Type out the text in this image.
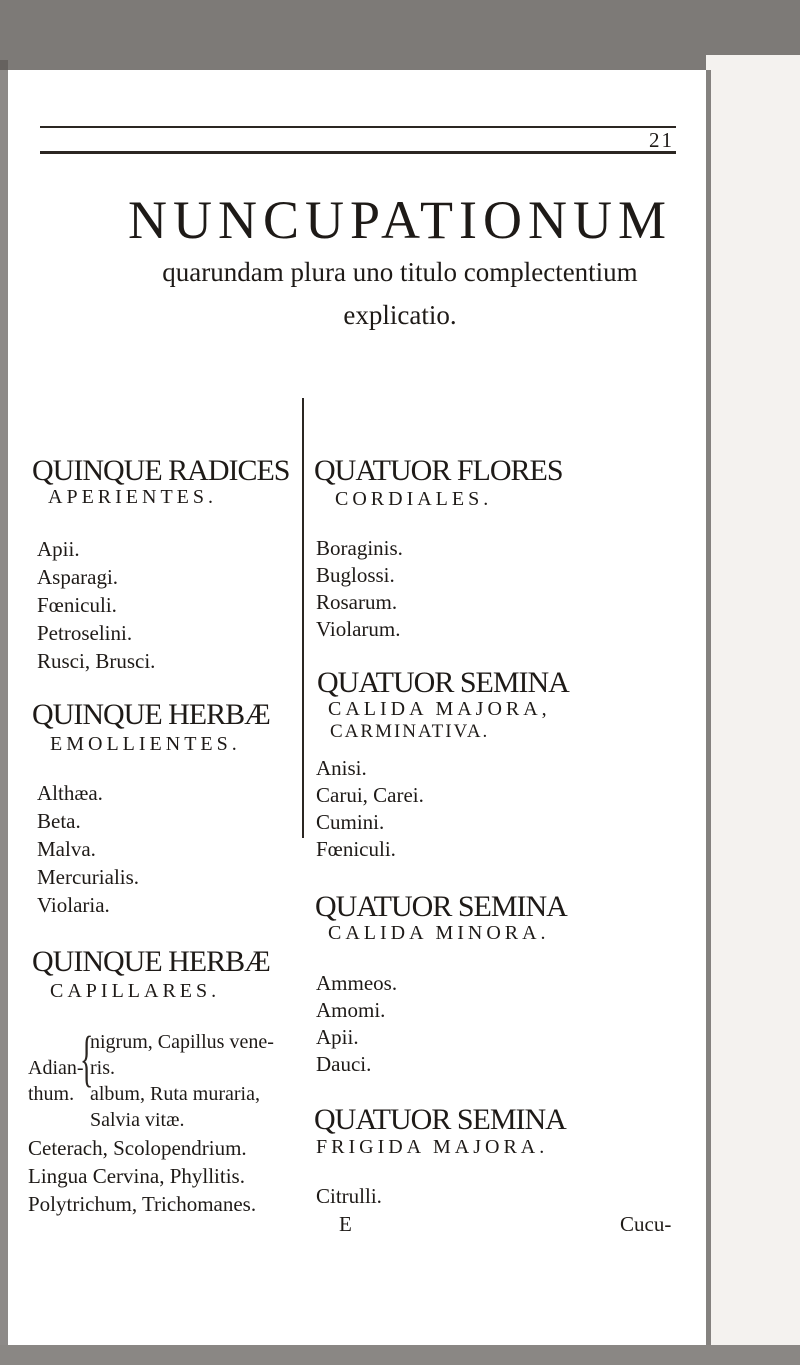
21
NUNCUPATIONUM
quarundam plura uno titulo complectentium
explicatio.
QUINQUE RADICES
APERIENTES.
Apii.
Asparagi.
Fœniculi.
Petroselini.
Rusci, Brusci.
QUINQUE HERBÆ
EMOLLIENTES.
Althæa.
Beta.
Malva.
Mercurialis.
Violaria.
QUINQUE HERBÆ
CAPILLARES.
nigrum, Capillus vene-
Adian-
{
ris.
thum. album, Ruta muraria,
Salvia vitæ.
Ceterach, Scolopendrium.
Lingua Cervina, Phyllitis.
Polytrichum, Trichomanes.
QUATUOR FLORES
CORDIALES.
Boraginis.
Buglossi.
Rosarum.
Violarum.
QUATUOR SEMINA
CALIDA MAJORA,
CARMINATIVA.
Anisi.
Carui, Carei.
Cumini.
Fœniculi.
QUATUOR SEMINA
CALIDA MINORA.
Ammeos.
Amomi.
Apii.
Dauci.
QUATUOR SEMINA
FRIGIDA MAJORA.
Citrulli.
E	Cucu-
